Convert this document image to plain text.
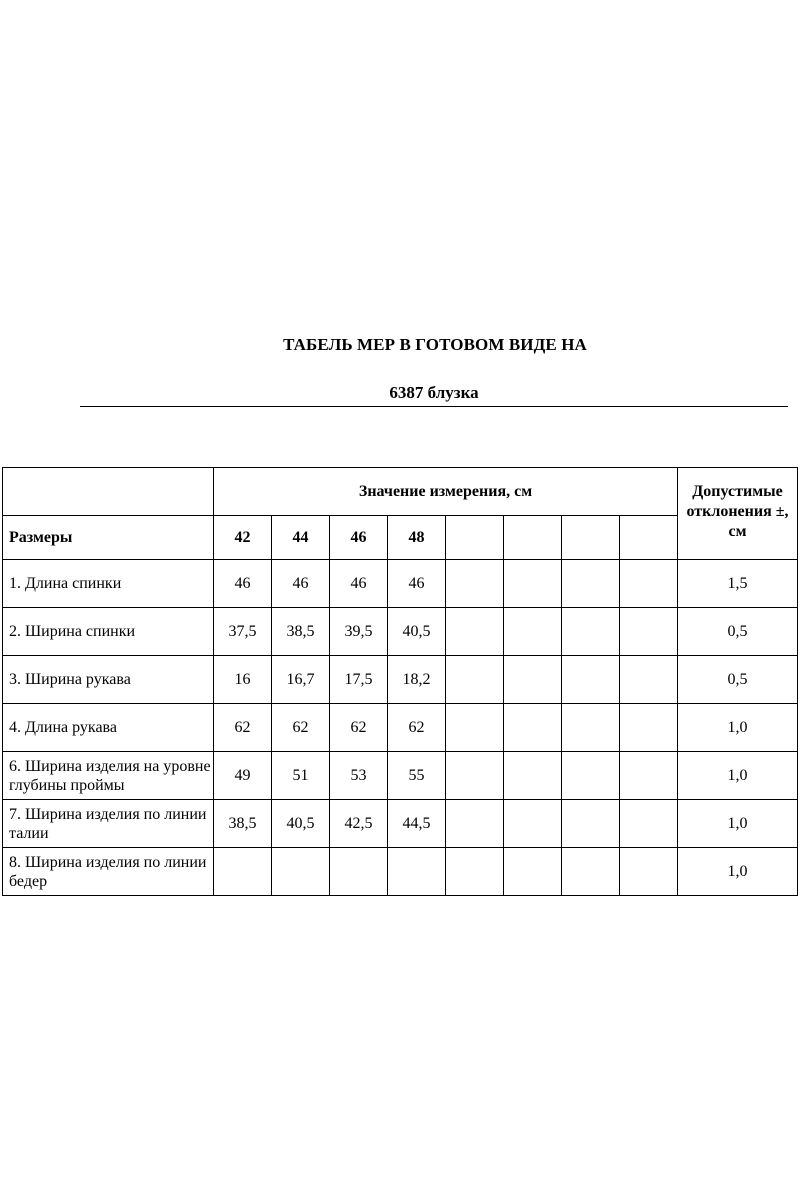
ТАБЕЛЬ МЕР В ГОТОВОМ ВИДЕ НА
6387 блузка
	Значение измерения, см								Допустимые отклонения ±, см
Размеры	42	44	46	48					
1. Длина спинки	46	46	46	46					1,5
2. Ширина спинки	37,5	38,5	39,5	40,5					0,5
3. Ширина рукава	16	16,7	17,5	18,2					0,5
4. Длина рукава	62	62	62	62					1,0
6. Ширина изделия на уровне глубины проймы	49	51	53	55					1,0
7. Ширина изделия по линии талии	38,5	40,5	42,5	44,5					1,0
8. Ширина изделия по линии бедер									1,0
